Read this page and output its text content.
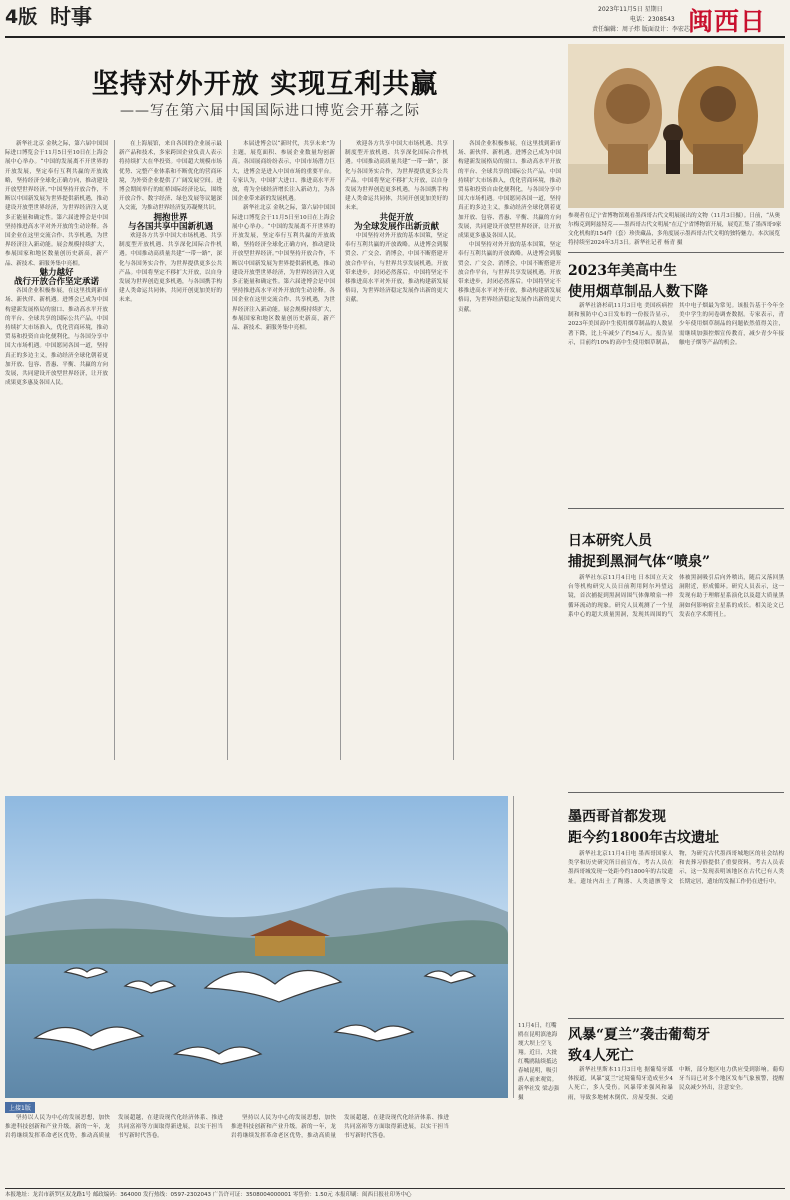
4版 时事	2023年11月5日 星期日
电话：2308543
责任编辑：周子炜 版面设计：李宏芯
闽西日
坚持对外开放 实现互利共赢
——写在第六届中国国际进口博览会开幕之际

新华社北京 金秋之际，第六届中国国际进口博览会于11月5日至10日在上海会展中心举办。“中国的发展离不开世界的开放发展，坚定奉行互利共赢的开放战略，坚持经济全球化正确方向，推动建设开放型世界经济。”中国坚持开放合作，不断以中国新发展为世界提供新机遇，推动建设开放型世界经济，为世界经济注入更多正能量和确定性。第六届进博会是中国坚持推进高水平对外开放的生动诠释。各国企业在这里交流合作、共享机遇，为世界经济注入新动能。展会规模持续扩大，参展国家和地区数量创历史新高，新产品、新技术、新服务集中亮相。

魅力越好

战行开放合作坚定承诺

各国企业积极参展，在这里找到新市场、新伙伴、新机遇。进博会已成为中国构建新发展格局的窗口、推动高水平开放的平台、全球共享的国际公共产品。中国持续扩大市场准入，优化营商环境，推动贸易和投资自由化便利化，与各国分享中国大市场机遇。中国愿同各国一道，坚持真正的多边主义，推动经济全球化朝着更加开放、包容、普惠、平衡、共赢的方向发展，共同建设开放型世界经济，让开放成果更多惠及各国人民。

在上海展馆，来自各国的企业展示最新产品和技术，多家跨国企业负责人表示将持续扩大在华投资。中国超大规模市场优势、完整产业体系和不断优化的营商环境，为外资企业提供了广阔发展空间。进博会期间举行的虹桥国际经济论坛，围绕开放合作、数字经济、绿色发展等议题深入交流，为推动世界经济复苏凝聚共识。

拥抱世界

与各国共享中国新机遇

欢迎各方共享中国大市场机遇、共享制度型开放机遇、共享深化国际合作机遇。中国推动高质量共建“一带一路”，深化与各国务实合作，为世界提供更多公共产品。中国将坚定不移扩大开放，以自身发展为世界创造更多机遇，与各国携手构建人类命运共同体，共同开创更加美好的未来。

本届进博会以“新时代，共享未来”为主题，展览面积、参展企业数量均创新高。各国展商纷纷表示，中国市场潜力巨大，进博会是进入中国市场的重要平台。专家认为，中国扩大进口、推进高水平开放，将为全球经济增长注入新动力，为各国企业带来新的发展机遇。

新华社北京 金秋之际，第六届中国国际进口博览会于11月5日至10日在上海会展中心举办。“中国的发展离不开世界的开放发展，坚定奉行互利共赢的开放战略，坚持经济全球化正确方向，推动建设开放型世界经济。”中国坚持开放合作，不断以中国新发展为世界提供新机遇，推动建设开放型世界经济，为世界经济注入更多正能量和确定性。第六届进博会是中国坚持推进高水平对外开放的生动诠释。各国企业在这里交流合作、共享机遇，为世界经济注入新动能。展会规模持续扩大，参展国家和地区数量创历史新高，新产品、新技术、新服务集中亮相。

欢迎各方共享中国大市场机遇、共享制度型开放机遇、共享深化国际合作机遇。中国推动高质量共建“一带一路”，深化与各国务实合作，为世界提供更多公共产品。中国将坚定不移扩大开放，以自身发展为世界创造更多机遇，与各国携手构建人类命运共同体，共同开创更加美好的未来。

共促开放

为全球发展作出新贡献

中国坚持对外开放的基本国策，坚定奉行互利共赢的开放战略。从进博会到服贸会、广交会、消博会，中国不断搭建开放合作平台，与世界共享发展机遇。开放带来进步，封闭必然落后。中国将坚定不移推进高水平对外开放，推动构建新发展格局，为世界经济稳定发展作出新的更大贡献。

各国企业积极参展，在这里找到新市场、新伙伴、新机遇。进博会已成为中国构建新发展格局的窗口、推动高水平开放的平台、全球共享的国际公共产品。中国持续扩大市场准入，优化营商环境，推动贸易和投资自由化便利化，与各国分享中国大市场机遇。中国愿同各国一道，坚持真正的多边主义，推动经济全球化朝着更加开放、包容、普惠、平衡、共赢的方向发展，共同建设开放型世界经济，让开放成果更多惠及各国人民。

中国坚持对外开放的基本国策，坚定奉行互利共赢的开放战略。从进博会到服贸会、广交会、消博会，中国不断搭建开放合作平台，与世界共享发展机遇。开放带来进步，封闭必然落后。中国将坚定不移推进高水平对外开放，推动构建新发展格局，为世界经济稳定发展作出新的更大贡献。

参观者在辽宁省博物馆观看墨西哥古代文明展展出的文物（11月3日摄）。日前，“从奥尔梅克到阿兹特克——墨西哥古代文明展”在辽宁省博物馆开展，展览汇集了墨西哥9家文化机构的154件（套）珍贵藏品，多角度展示墨西哥古代文明的独特魅力。本次展览将持续至2024年3月3日。新华社记者 杨青 摄
2023年美高中生
使用烟草制品人数下降

新华社洛杉矶11月3日电 美国疾病控制和预防中心3日发布的一份报告显示，2023年美国高中生使用烟草制品的人数显著下降，比上年减少了约54万人。报告显示，目前约10%的高中生使用烟草制品，其中电子烟最为常见。该报告基于今年全美中学生的问卷调查数据。专家表示，青少年使用烟草制品的问题依然值得关注，需继续加强控烟宣传教育，减少青少年接触电子烟等产品的机会。

日本研究人员
捕捉到黑洞气体“喷泉”

新华社东京11月4日电 日本国立天文台等机构研究人员日前利用阿尔玛望远镜，首次捕捉到黑洞周围气体像喷泉一样循环流动的现象。研究人员观测了一个星系中心的超大质量黑洞，发现其周围的气体被黑洞吸引后向外喷出，随后又落回黑洞附近，形成循环。研究人员表示，这一发现有助于理解星系演化以及超大质量黑洞如何影响宿主星系的成长。相关论文已发表在学术期刊上。

墨西哥首都发现
距今约1800年古坟遗址

新华社北京11月4日电 墨西哥国家人类学和历史研究所日前宣布，考古人员在墨西哥城发现一处距今约1800年的古坟遗址。遗址内出土了陶器、人类遗骸等文物，为研究古代墨西哥城地区的社会结构和丧葬习俗提供了重要资料。考古人员表示，这一发现表明该地区在古代已有人类长期定居，遗址的发掘工作仍在进行中。

风暴“夏兰”袭击葡萄牙
致4人死亡

新华社里斯本11月3日电 据葡萄牙媒体报道，风暴“夏兰”过境葡萄牙造成至少4人死亡，多人受伤。风暴带来强风和暴雨，导致多地树木倒伏、房屋受损、交通中断，部分地区电力供应受到影响。葡萄牙当局已对多个地区发布气象预警，提醒民众减少外出，注意安全。

11月4日，红嘴鸥在昆明滇池海埂大坝上空飞翔。近日，大批红嘴鸥陆续抵达春城昆明，吸引游人前来观赏。新华社发 梁志强 摄
上接1版

坚持以人民为中心的发展思想，加快推进科技创新和产业升级。新的一年，龙岩将继续发挥革命老区优势，推动高质量发展超越，在建设现代化经济体系、推进共同富裕等方面取得新进展，以实干担当书写新时代答卷。

坚持以人民为中心的发展思想，加快推进科技创新和产业升级。新的一年，龙岩将继续发挥革命老区优势，推动高质量发展超越，在建设现代化经济体系、推进共同富裕等方面取得新进展，以实干担当书写新时代答卷。

本报地址：龙岩市新罗区双龙路1号 邮政编码：364000 发行热线：0597-2302043 广告许可证：3508004000001 零售价：1.50元 本报印刷：闽西日报社印务中心
